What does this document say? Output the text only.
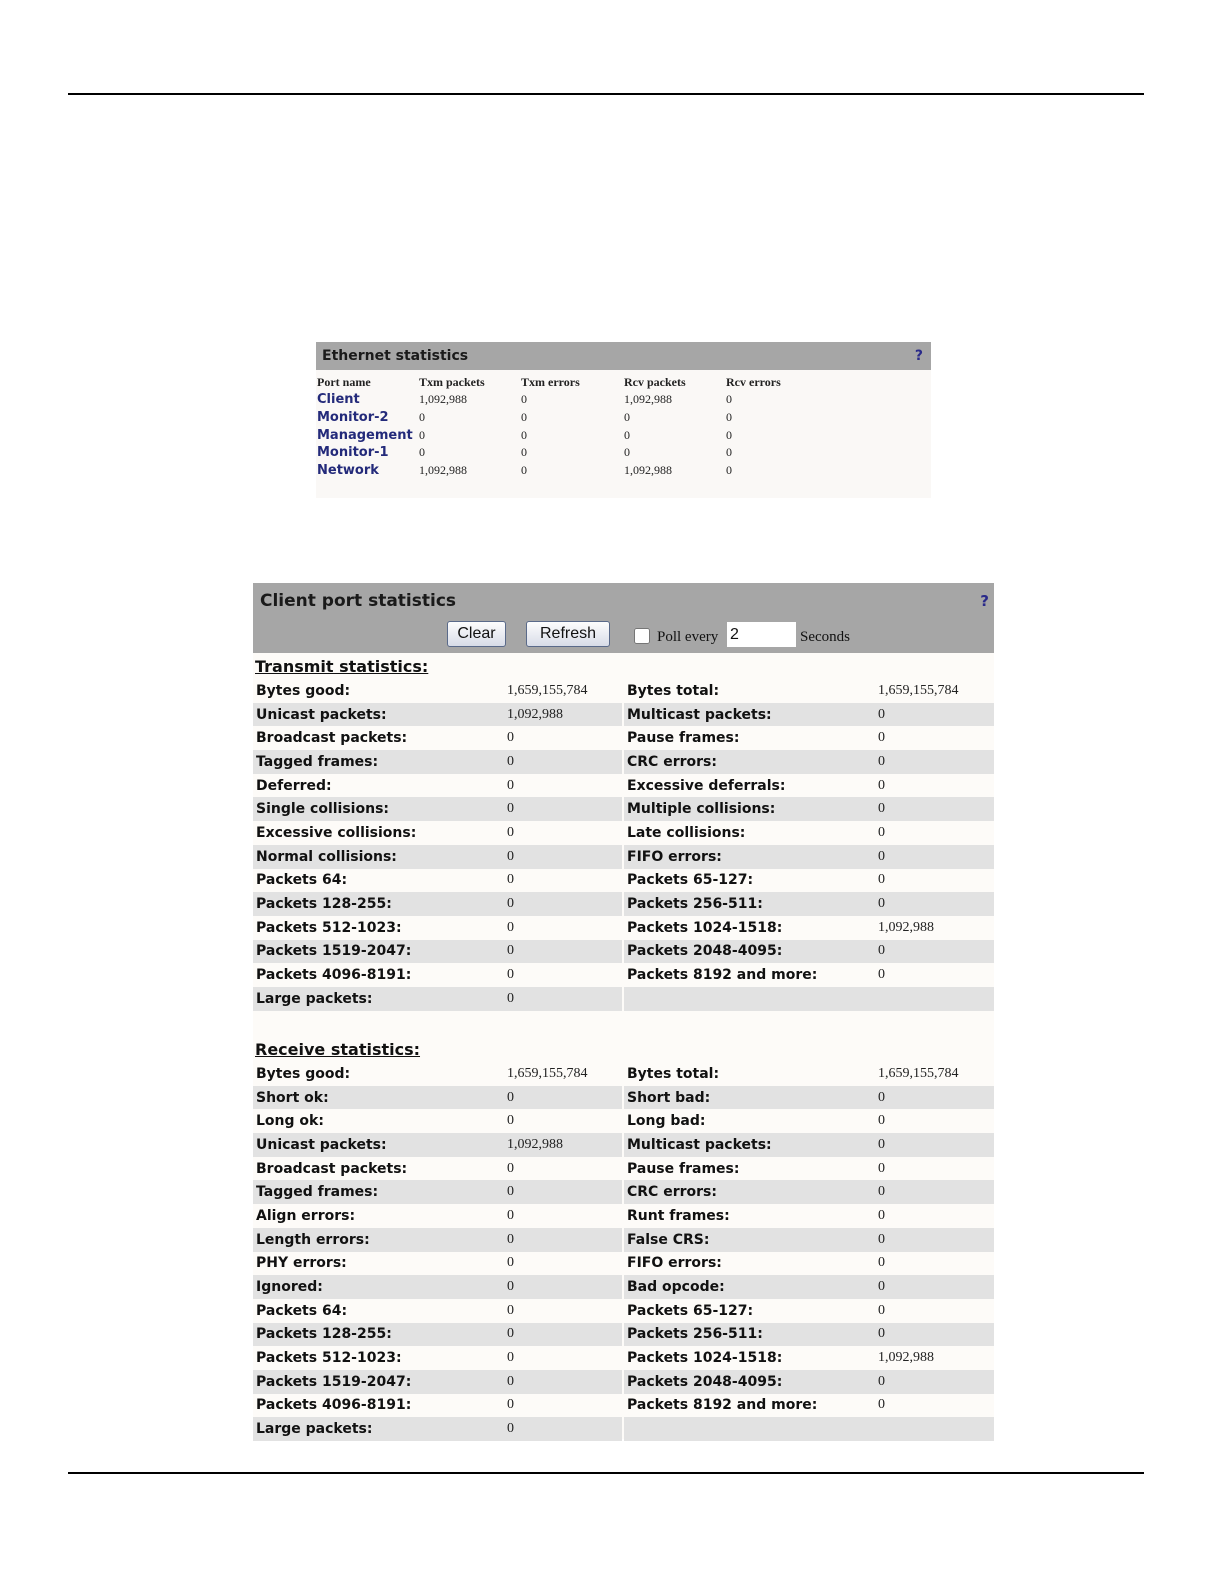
Ethernet statistics	?
Port name	Txm packets	Txm errors	Rcv packets	Rcv errors
Client	1,092,988	0	1,092,988	0
Monitor-2	0	0	0	0
Management	0	0	0	0
Monitor-1	0	0	0	0
Network	1,092,988	0	1,092,988	0
Client port statistics	?
Clear	Refresh	Poll every
2	Seconds
Transmit statistics:
Bytes good:	1,659,155,784		Bytes total:	1,659,155,784
Unicast packets:	1,092,988		Multicast packets:	0
Broadcast packets:	0		Pause frames:	0
Tagged frames:	0		CRC errors:	0
Deferred:	0		Excessive deferrals:	0
Single collisions:	0		Multiple collisions:	0
Excessive collisions:	0		Late collisions:	0
Normal collisions:	0		FIFO errors:	0
Packets 64:	0		Packets 65-127:	0
Packets 128-255:	0		Packets 256-511:	0
Packets 512-1023:	0		Packets 1024-1518:	1,092,988
Packets 1519-2047:	0		Packets 2048-4095:	0
Packets 4096-8191:	0		Packets 8192 and more:	0
Large packets:	0			
Receive statistics:
Bytes good:	1,659,155,784		Bytes total:	1,659,155,784
Short ok:	0		Short bad:	0
Long ok:	0		Long bad:	0
Unicast packets:	1,092,988		Multicast packets:	0
Broadcast packets:	0		Pause frames:	0
Tagged frames:	0		CRC errors:	0
Align errors:	0		Runt frames:	0
Length errors:	0		False CRS:	0
PHY errors:	0		FIFO errors:	0
Ignored:	0		Bad opcode:	0
Packets 64:	0		Packets 65-127:	0
Packets 128-255:	0		Packets 256-511:	0
Packets 512-1023:	0		Packets 1024-1518:	1,092,988
Packets 1519-2047:	0		Packets 2048-4095:	0
Packets 4096-8191:	0		Packets 8192 and more:	0
Large packets:	0			
